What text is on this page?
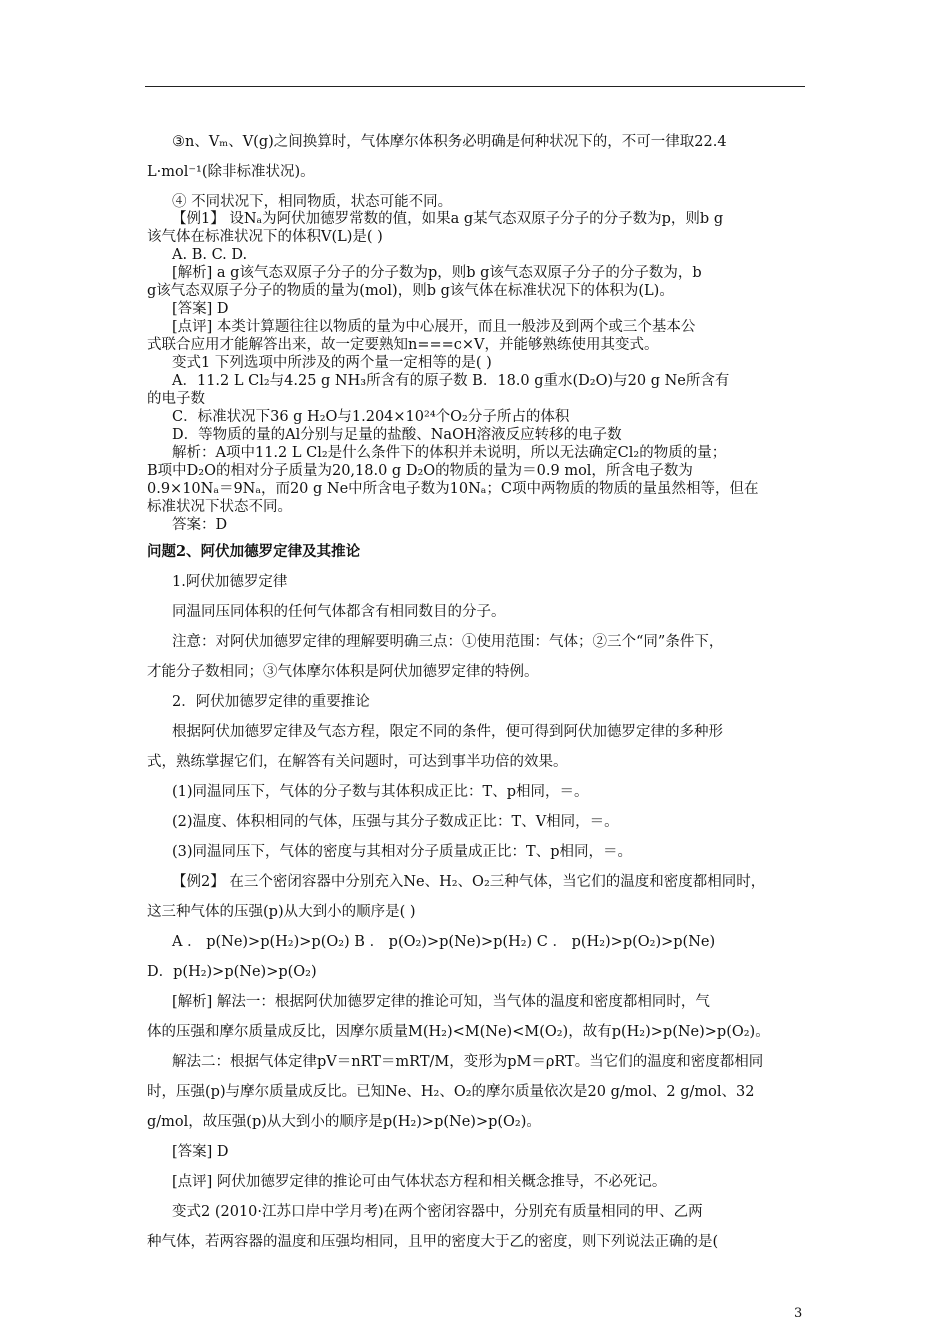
③n、Vₘ、V(g)之间换算时，气体摩尔体积务必明确是何种状况下的，不可一律取22.4
L·mol⁻¹(除非标准状况)。
④ 不同状况下，相同物质，状态可能不同。
【例1】 设Nₐ为阿伏加德罗常数的值，如果a g某气态双原子分子的分子数为p，则b g
该气体在标准状况下的体积V(L)是( )
A. B. C. D.
[解析] a g该气态双原子分子的分子数为p，则b g该气态双原子分子的分子数为，b
g该气态双原子分子的物质的量为(mol)，则b g该气体在标准状况下的体积为(L)。
[答案] D
[点评] 本类计算题往往以物质的量为中心展开，而且一般涉及到两个或三个基本公
式联合应用才能解答出来，故一定要熟知n===c×V，并能够熟练使用其变式。
变式1 下列选项中所涉及的两个量一定相等的是( )
A．11.2 L Cl₂与4.25 g NH₃所含有的原子数 B．18.0 g重水(D₂O)与20 g Ne所含有
的电子数
C．标准状况下36 g H₂O与1.204×10²⁴个O₂分子所占的体积
D．等物质的量的Al分别与足量的盐酸、NaOH溶液反应转移的电子数
解析：A项中11.2 L Cl₂是什么条件下的体积并未说明，所以无法确定Cl₂的物质的量；
B项中D₂O的相对分子质量为20,18.0 g D₂O的物质的量为＝0.9 mol，所含电子数为
0.9×10Nₐ＝9Nₐ，而20 g Ne中所含电子数为10Nₐ；C项中两物质的物质的量虽然相等，但在
标准状况下状态不同。
答案：D
问题2、阿伏加德罗定律及其推论
1.阿伏加德罗定律
同温同压同体积的任何气体都含有相同数目的分子。
注意：对阿伏加德罗定律的理解要明确三点：①使用范围：气体；②三个“同”条件下，
才能分子数相同；③气体摩尔体积是阿伏加德罗定律的特例。
2．阿伏加德罗定律的重要推论
根据阿伏加德罗定律及气态方程，限定不同的条件，便可得到阿伏加德罗定律的多种形
式，熟练掌握它们，在解答有关问题时，可达到事半功倍的效果。
(1)同温同压下，气体的分子数与其体积成正比：T、p相同，＝。
(2)温度、体积相同的气体，压强与其分子数成正比：T、V相同，＝。
(3)同温同压下，气体的密度与其相对分子质量成正比：T、p相同，＝。
【例2】 在三个密闭容器中分别充入Ne、H₂、O₂三种气体，当它们的温度和密度都相同时，
这三种气体的压强(p)从大到小的顺序是( )
A ． p(Ne)>p(H₂)>p(O₂) B ． p(O₂)>p(Ne)>p(H₂) C ． p(H₂)>p(O₂)>p(Ne)
D．p(H₂)>p(Ne)>p(O₂)
[解析] 解法一：根据阿伏加德罗定律的推论可知，当气体的温度和密度都相同时，气
体的压强和摩尔质量成反比，因摩尔质量M(H₂)<M(Ne)<M(O₂)，故有p(H₂)>p(Ne)>p(O₂)。
解法二：根据气体定律pV＝nRT＝mRT/M，变形为pM＝ρRT。当它们的温度和密度都相同
时，压强(p)与摩尔质量成反比。已知Ne、H₂、O₂的摩尔质量依次是20 g/mol、2 g/mol、32
g/mol，故压强(p)从大到小的顺序是p(H₂)>p(Ne)>p(O₂)。
[答案] D
[点评] 阿伏加德罗定律的推论可由气体状态方程和相关概念推导，不必死记。
变式2 (2010·江苏口岸中学月考)在两个密闭容器中，分别充有质量相同的甲、乙两
种气体，若两容器的温度和压强均相同，且甲的密度大于乙的密度，则下列说法正确的是(
3
